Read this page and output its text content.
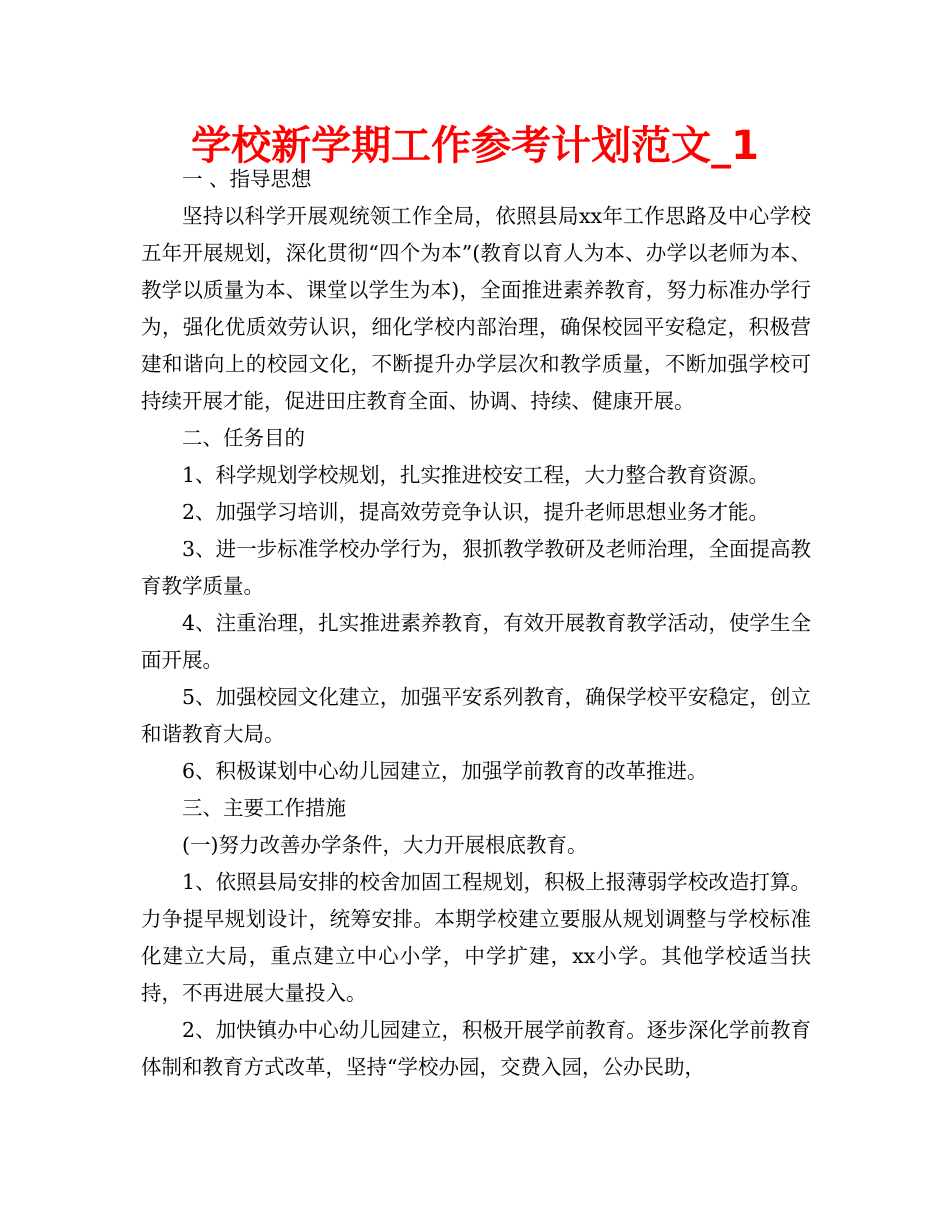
学校新学期工作参考计划范文_1

一 、指导思想

坚持以科学开展观统领工作全局，依照县局xx年工作思路及中心学校五年开展规划，深化贯彻“四个为本”(教育以育人为本、办学以老师为本、教学以质量为本、课堂以学生为本)，全面推进素养教育，努力标准办学行为，强化优质效劳认识，细化学校内部治理，确保校园平安稳定，积极营建和谐向上的校园文化，不断提升办学层次和教学质量，不断加强学校可持续开展才能，促进田庄教育全面、协调、持续、健康开展。

二、任务目的

1、科学规划学校规划，扎实推进校安工程，大力整合教育资源。

2、加强学习培训，提高效劳竞争认识，提升老师思想业务才能。

3、进一步标准学校办学行为，狠抓教学教研及老师治理，全面提高教育教学质量。

4、注重治理，扎实推进素养教育，有效开展教育教学活动，使学生全面开展。

5、加强校园文化建立，加强平安系列教育，确保学校平安稳定，创立和谐教育大局。

6、积极谋划中心幼儿园建立，加强学前教育的改革推进。

三、主要工作措施

(一)努力改善办学条件，大力开展根底教育。

1、依照县局安排的校舍加固工程规划，积极上报薄弱学校改造打算。力争提早规划设计，统筹安排。本期学校建立要服从规划调整与学校标准化建立大局，重点建立中心小学，中学扩建，xx小学。其他学校适当扶持，不再进展大量投入。

2、加快镇办中心幼儿园建立，积极开展学前教育。逐步深化学前教育体制和教育方式改革，坚持“学校办园，交费入园，公办民助，
